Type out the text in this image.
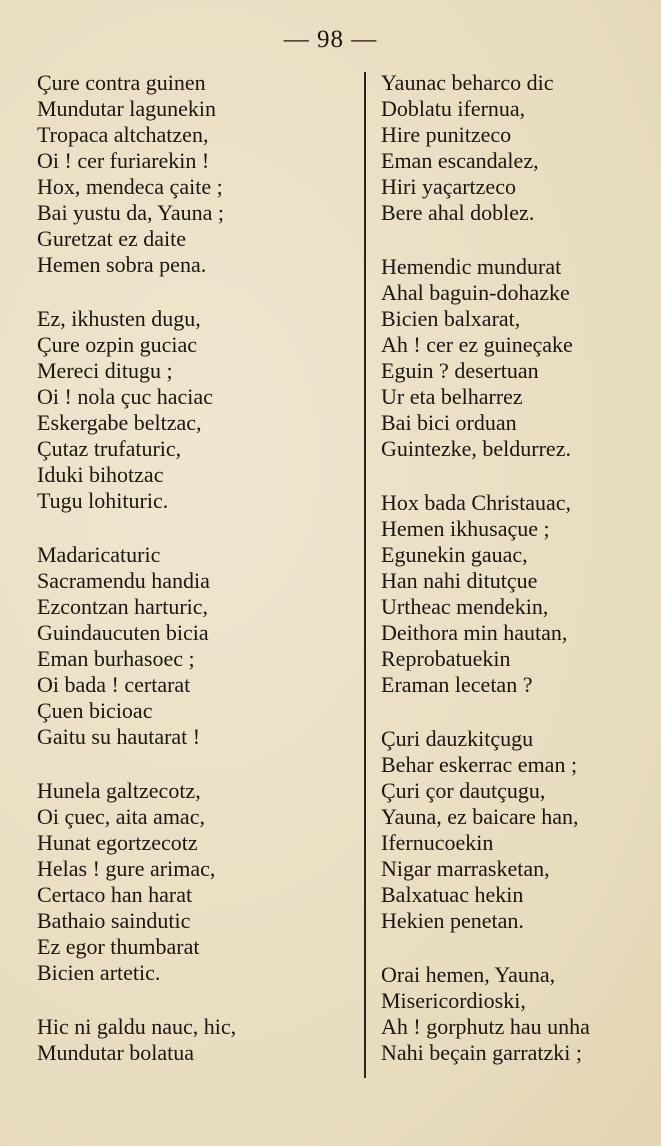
— 98 —
Çure contra guinen
Mundutar lagunekin
Tropaca altchatzen,
Oi ! cer furiarekin !
Hox, mendeca çaite ;
Bai yustu da, Yauna ;
Guretzat ez daite
Hemen sobra pena.
Ez, ikhusten dugu,
Çure ozpin guciac
Mereci ditugu ;
Oi ! nola çuc haciac
Eskergabe beltzac,
Çutaz trufaturic,
Iduki bihotzac
Tugu lohituric.
Madaricaturic
Sacramendu handia
Ezcontzan harturic,
Guindaucuten bicia
Eman burhasoec ;
Oi bada ! certarat
Çuen bicioac
Gaitu su hautarat !
Hunela galtzecotz,
Oi çuec, aita amac,
Hunat egortzecotz
Helas ! gure arimac,
Certaco han harat
Bathaio saindutic
Ez egor thumbarat
Bicien artetic.
Hic ni galdu nauc, hic,
Mundutar bolatua
Yaunac beharco dic
Doblatu ifernua,
Hire punitzeco
Eman escandalez,
Hiri yaçartzeco
Bere ahal doblez.
Hemendic mundurat
Ahal baguin-dohazke
Bicien balxarat,
Ah ! cer ez guineçake
Eguin ? desertuan
Ur eta belharrez
Bai bici orduan
Guintezke, beldurrez.
Hox bada Christauac,
Hemen ikhusaçue ;
Egunekin gauac,
Han nahi ditutçue
Urtheac mendekin,
Deithora min hautan,
Reprobatuekin
Eraman lecetan ?
Çuri dauzkitçugu
Behar eskerrac eman ;
Çuri çor dautçugu,
Yauna, ez baicare han,
Ifernucoekin
Nigar marrasketan,
Balxatuac hekin
Hekien penetan.
Orai hemen, Yauna,
Misericordioski,
Ah ! gorphutz hau unha
Nahi beçain garratzki ;
